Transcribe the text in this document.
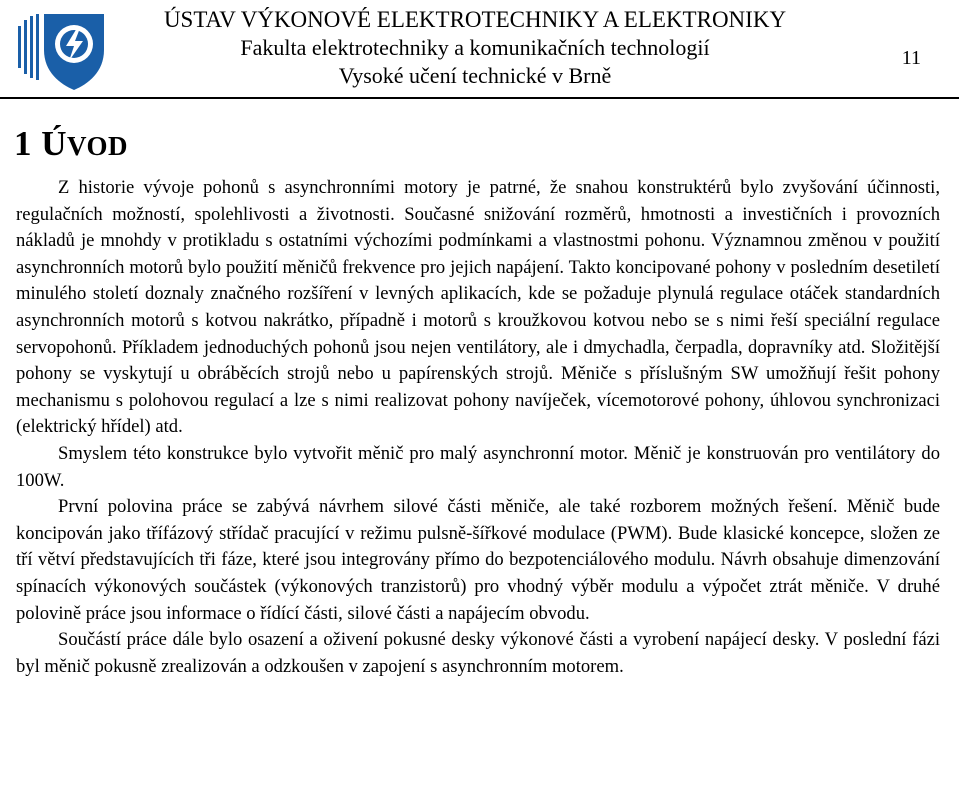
ÚSTAV VÝKONOVÉ ELEKTROTECHNIKY A ELEKTRONIKY
Fakulta elektrotechniky a komunikačních technologií
Vysoké učení technické v Brně
11
1 ÚVOD

Z historie vývoje pohonů s asynchronními motory je patrné, že snahou konstruktérů bylo zvyšování účinnosti, regulačních možností, spolehlivosti a životnosti. Současné snižování rozměrů, hmotnosti a investičních i provozních nákladů je mnohdy v protikladu s ostatními výchozími podmínkami a vlastnostmi pohonu. Významnou změnou v použití asynchronních motorů bylo použití měničů frekvence pro jejich napájení. Takto koncipované pohony v posledním desetiletí minulého století doznaly značného rozšíření v levných aplikacích, kde se požaduje plynulá regulace otáček standardních asynchronních motorů s kotvou nakrátko, případně i motorů s kroužkovou kotvou nebo se s nimi řeší speciální regulace servopohonů. Příkladem jednoduchých pohonů jsou nejen ventilátory, ale i dmychadla, čerpadla, dopravníky atd. Složitější pohony se vyskytují u obráběcích strojů nebo u papírenských strojů. Měniče s příslušným SW umožňují řešit pohony mechanismu s polohovou regulací a lze s nimi realizovat pohony navíječek, vícemotorové pohony, úhlovou synchronizaci (elektrický hřídel) atd.

Smyslem této konstrukce bylo vytvořit měnič pro malý asynchronní motor. Měnič je konstruován pro ventilátory do 100W.

První polovina práce se zabývá návrhem silové části měniče, ale také rozborem možných řešení. Měnič bude koncipován jako třífázový střídač pracující v režimu pulsně-šířkové modulace (PWM). Bude klasické koncepce, složen ze tří větví představujících tři fáze, které jsou integrovány přímo do bezpotenciálového modulu. Návrh obsahuje dimenzování spínacích výkonových součástek (výkonových tranzistorů) pro vhodný výběr modulu a výpočet ztrát měniče. V druhé polovině práce jsou informace o řídící části, silové části a napájecím obvodu.

Součástí práce dále bylo osazení a oživení pokusné desky výkonové části a vyrobení napájecí desky. V poslední fázi byl měnič pokusně zrealizován a odzkoušen v zapojení s asynchronním motorem.
